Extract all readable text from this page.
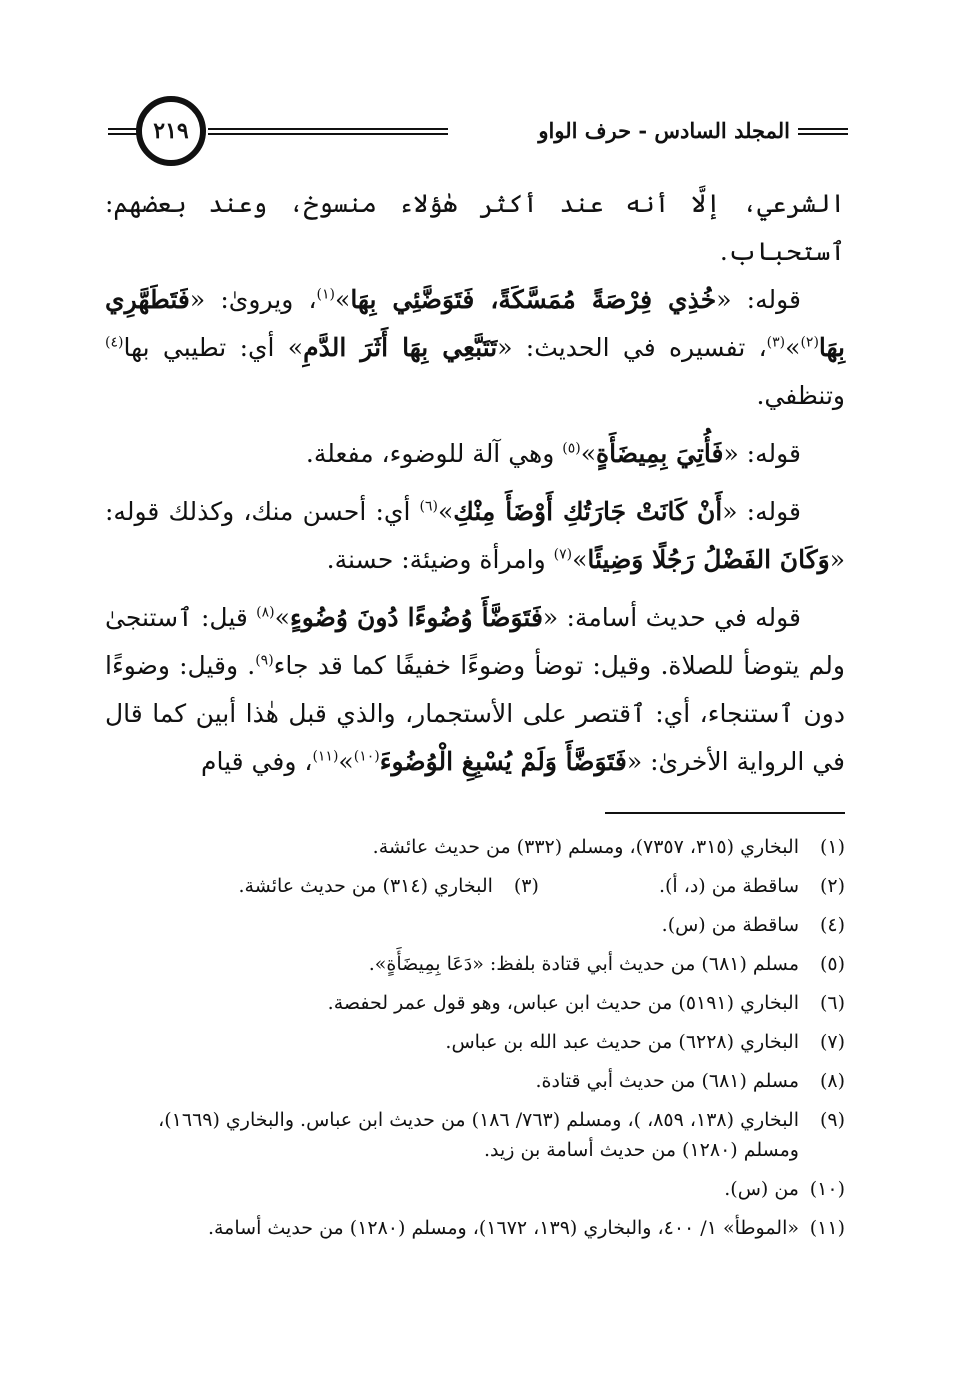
المجلد السادس - حرف الواو
٢١٩

الشرعي، إلَّا أنه عند أكثر هٰؤلاء منسوخ، وعند بعضهم: ٱستحباب.

قوله: «خُذِي فِرْصَةً مُمَسَّكَةً، فَتَوَضَّئِي بِهَا»$^{(١)}$، ويرویٰ: «فَتَطَهَّرِي بِهَا$^{(٢)}$»$^{(٣)}$، تفسيره في الحديث: «تَتَبَّعِي بِهَا أَثَرَ الدَّمِ» أي: تطيبي بها$^{(٤)}$ وتنظفي.

قوله: «فَأُتِيَ بِمِيضَأَةٍ»$^{(٥)}$ وهي آلة للوضوء، مفعلة.

قوله: «أَنْ كَانَتْ جَارَتُكِ أَوْضَأَ مِنْكِ»$^{(٦)}$ أي: أحسن منك، وكذلك قوله: «وَكَانَ الفَضْلُ رَجُلًا وَضِيئًا»$^{(٧)}$ وامرأة وضيئة: حسنة.

قوله في حديث أسامة: «فَتَوَضَّأَ وُضُوءًا دُونَ وُضُوءٍ»$^{(٨)}$ قيل: ٱستنجیٰ ولم يتوضأ للصلاة. وقيل: توضأ وضوءًا خفيفًا كما قد جاء$^{(٩)}$. وقيل: وضوءًا دون ٱستنجاء، أي: ٱقتصر على الأستجمار، والذي قبل هٰذا أبين كما قال في الرواية الأخرىٰ: «فَتَوَضَّأَ وَلَمْ يُسْبِغِ الْوُضُوءَ$^{(١٠)}$»$^{(١١)}$، وفي قيام

(١)
البخاري (٣١٥، ٧٣٥٧)، ومسلم (٣٣٢) من حديث عائشة.
(٢)
ساقطة من (د، أ).
(٣)
البخاري (٣١٤) من حديث عائشة.
(٤)
ساقطة من (س).
(٥)
مسلم (٦٨١) من حديث أبي قتادة بلفظ: «دَعَا بِمِيضَأَةٍ».
(٦)
البخاري (٥١٩١) من حديث ابن عباس، وهو قول عمر لحفصة.
(٧)
البخاري (٦٢٢٨) من حديث عبد الله بن عباس.
(٨)
مسلم (٦٨١) من حديث أبي قتادة.
(٩)
البخاري (١٣٨، ٨٥٩، )، ومسلم (٧٦٣/ ١٨٦) من حديث ابن عباس. والبخاري (١٦٦٩)، ومسلم (١٢٨٠) من حديث أسامة بن زيد.
(١٠)
من (س).
(١١)
«الموطأ» ١/ ٤٠٠، والبخاري (١٣٩، ١٦٧٢)، ومسلم (١٢٨٠) من حديث أسامة.
